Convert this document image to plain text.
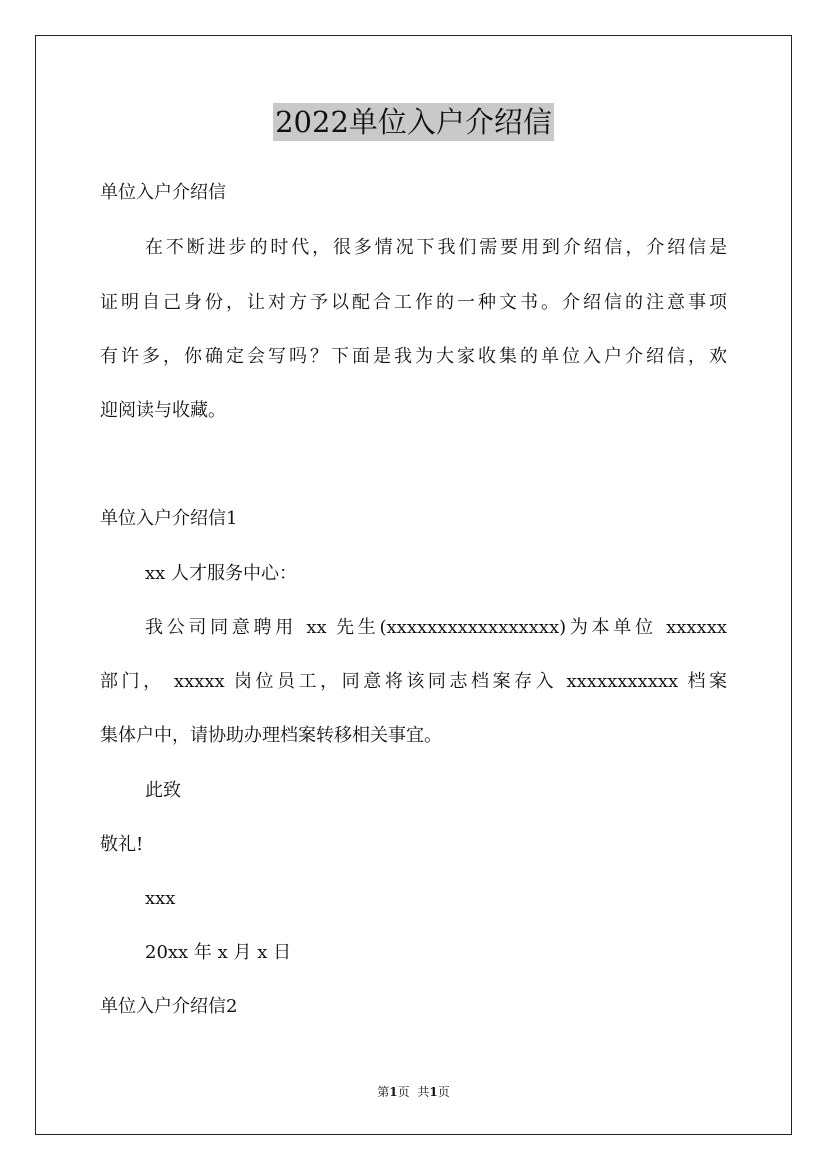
2022单位入户介绍信
单位入户介绍信
在不断进步的时代，很多情况下我们需要用到介绍信，介绍信是
证明自己身份，让对方予以配合工作的一种文书。介绍信的注意事项
有许多，你确定会写吗？下面是我为大家收集的单位入户介绍信，欢
迎阅读与收藏。
单位入户介绍信1
xx 人才服务中心：
我公司同意聘用 xx 先生(xxxxxxxxxxxxxxxxx)为本单位 xxxxxx
部门， xxxxx 岗位员工，同意将该同志档案存入 xxxxxxxxxxx 档案
集体户中，请协助办理档案转移相关事宜。
此致
敬礼!
xxx
20xx 年 x 月 x 日
单位入户介绍信2
第1页 共1页
